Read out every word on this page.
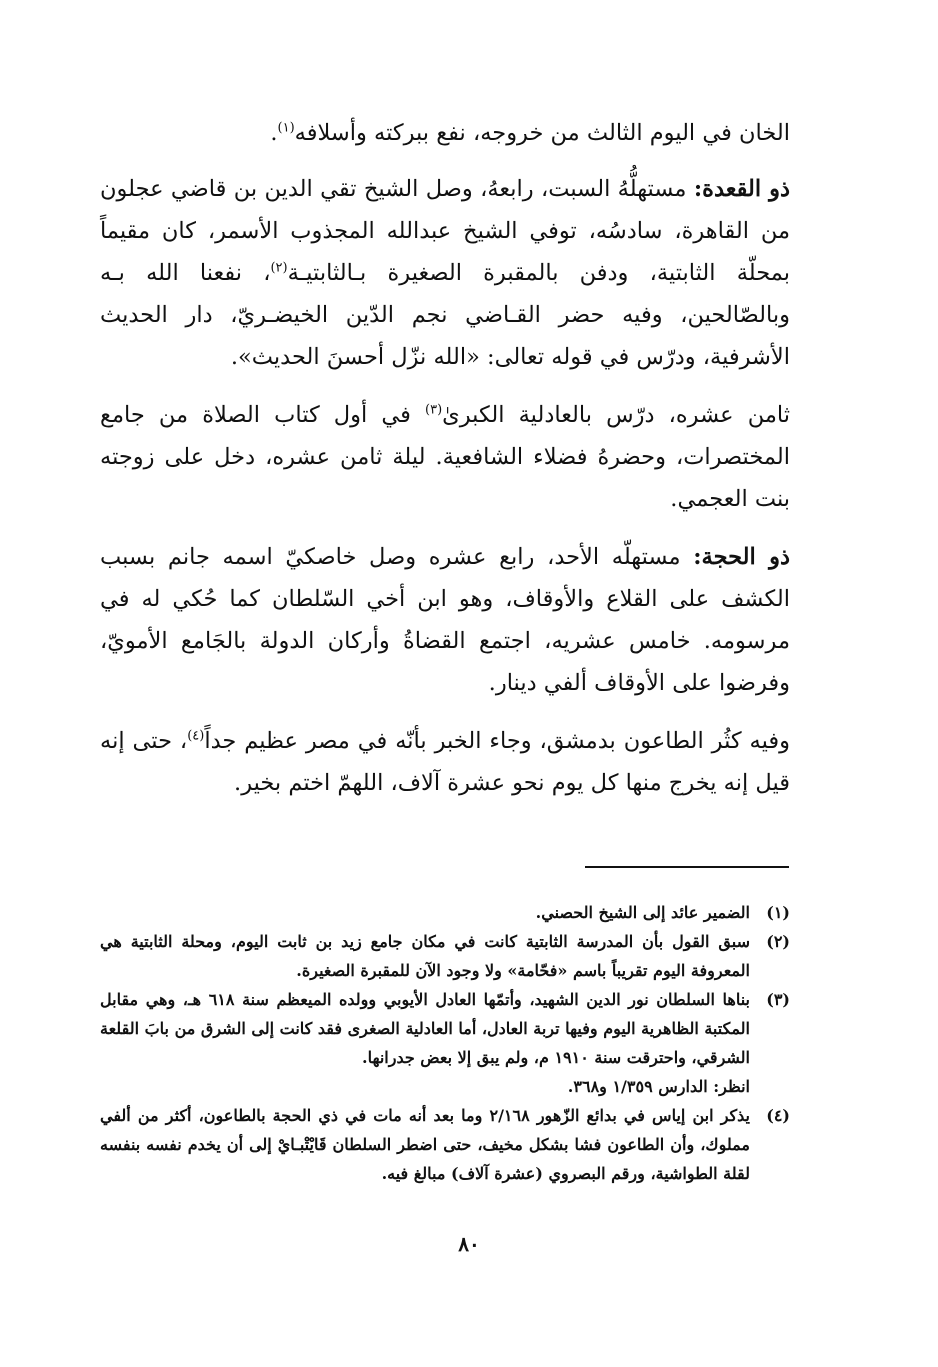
الخان في اليوم الثالث من خروجه، نفع ببركته وأسلافه$^{(١)}$.

ذو القعدة: مستهلُّهُ السبت، رابعهُ، وصل الشيخ تقي الدين بن قاضي عجلون من القاهرة، سادسُه، توفي الشيخ عبدالله المجذوب الأسمر، كان مقيماً بمحلّة الثابتية، ودفن بالمقبرة الصغيرة بـالثابتيـة$^{(٢)}$، نفعنا الله بـه وبالصّالحين، وفيه حضر القـاضي نجم الدّين الخيضـريّ، دار الحديث الأشرفية، ودرّس في قوله تعالى: «الله نزّل أحسنَ الحديث».

ثامن عشره، درّس بالعادلية الكبرىٰ$^{(٣)}$ في أول كتاب الصلاة من جامع المختصرات، وحضرهُ فضلاء الشافعية. ليلة ثامن عشره، دخل على زوجته بنت العجمي.

ذو الحجة: مستهلّه الأحد، رابع عشره وصل خاصكيّ اسمه جانم بسبب الكشف على القلاع والأوقاف، وهو ابن أخي السّلطان كما حُكي له في مرسومه. خامس عشريه، اجتمع القضاةُ وأركان الدولة بالجَامع الأمويّ، وفرضوا على الأوقاف ألفي دينار.

وفيه كثُر الطاعون بدمشق، وجاء الخبر بأنّه في مصر عظيم جداً$^{(٤)}$، حتى إنه قيل إنه يخرج منها كل يوم نحو عشرة آلاف، اللهمّ اختم بخير.

(١)
الضمير عائد إلى الشيخ الحصني.

(٢)
سبق القول بأن المدرسة الثابتية كانت في مكان جامع زيد بن ثابت اليوم، ومحلة الثابتية هي المعروفة اليوم تقريباً باسم «فحّامة» ولا وجود الآن للمقبرة الصغيرة.

(٣)
بناها السلطان نور الدين الشهيد، وأتمّها العادل الأيوبي وولده الميعظم سنة ٦١٨ هـ، وهي مقابل المكتبة الظاهرية اليوم وفيها تربة العادل، أما العادلية الصغرى فقد كانت إلى الشرق من بابَ القلعة الشرقي، واحترقت سنة ١٩١٠ م، ولم يبق إلا بعض جدرانها.

انظر: الدارس ١/٣٥٩ و٣٦٨.

(٤)
يذكر ابن إياس في بدائع الزّهور ٢/١٦٨ وما بعد أنه مات في ذي الحجة بالطاعون، أكثر من ألفي مملوك، وأن الطاعون فشا بشكل مخيف، حتى اضطر السلطان قَايْتْبـايْ إلى أن يخدم نفسه بنفسه لقلة الطواشية، ورقم البصروي (عشرة آلاف) مبالغ فيه.

٨٠
